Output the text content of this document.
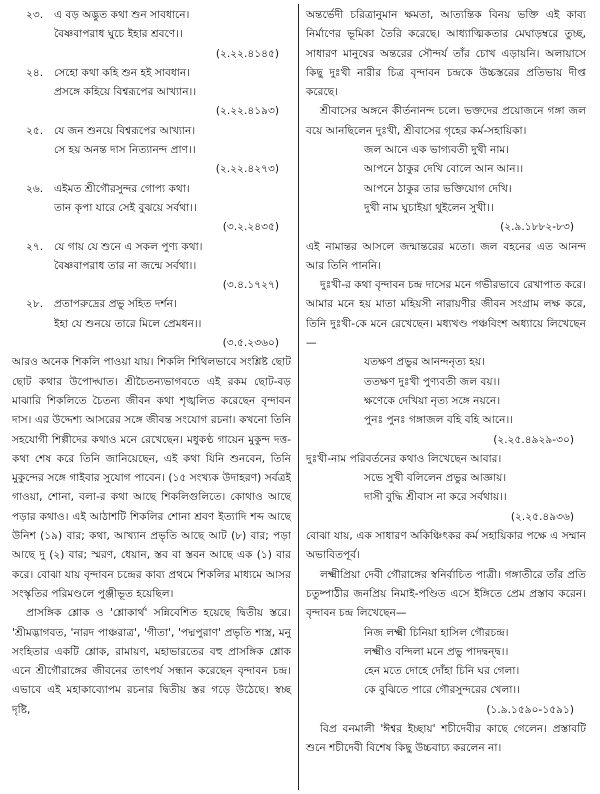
২৩.	এ বড় অদ্ভুত কথা শুন সাবধানে।
বৈষ্ণবাপরাধ ঘুচে ইহার শ্রবণে।।
(২.২২.৪১৪৫)
২৪.	সেহো কথা কহি শুন হই সাবধান।
প্রসঙ্গে কহিয়ে বিশ্বরূপের আখ্যান।।
(২.২২.৪১৯৩)
২৫.	যে জন শুনয়ে বিশ্বরূপের আখ্যান।
সে হয় অনন্ত দাস নিত্যানন্দ প্রাণ।।
(২.২২.৪২৭৩)
২৬.	এইমত শ্রীগৌরসুন্দর গোপ্য কথা।
তান কৃপা যারে সেই বুঝয়ে সর্বথা।।
(৩.২.২৪৩৫)
২৭.	যে গায় যে শুনে এ সকল পুণ্য কথা।
বৈষ্ণবাপরাধ তার না জন্মে সর্বথা।।
(৩.৪.১৭২৭)
২৮.	প্রতাপরুদ্রের প্রভু সহিত দর্শন।
ইহা যে শুনয়ে তারে মিলে প্রেমধন।।
(৩.৫.২৩৬০)
আরও অনেক শিকলি পাওয়া যায়। শিকলি শিথিলভাবে সংশ্লিষ্ট ছোট ছোট কথার উপোদ্ঘাত। শ্রীচৈতন্যভাগবতে এই রকম ছোট-বড় মাঝারি শিকলিতে চৈতন্য জীবন কথা শৃঙ্খলিত করেছেন বৃন্দাবন দাস। এর উদ্দেশ্য আসরের সঙ্গে জীবন্ত সংযোগ রচনা। কখনো তিনি সহযোগী শিল্পীদের কথাও মনে রেখেছেন। মধুকণ্ঠ গায়েন মুকুন্দ দত্ত-কথা শেষ করে তিনি জানিয়েছেন, এই কথা যিনি শুনবেন, তিনি মুকুন্দের সঙ্গে গাইবার সুযোগ পাবেন। (১৫ সংখ্যক উদাহরণ) সর্বত্রই গাওয়া, শোনা, বলা-র কথা আছে শিকলিগুলিতে। কোথাও আছে পড়ার কথাও। এই আঠাশটি শিকলির শোনা শ্রবণ ইত্যাদি শব্দ আছে উনিশ (১৯) বার; কথা, আখ্যান প্রভৃতি আছে আট (৮) বার; পড়া আছে দু (২) বার; স্মরণ, ধেয়ান, স্তব বা স্তবন আছে এক (১) বার করে। বোঝা যায় বৃন্দাবন চন্দ্রের কাব্য প্রথমে শিকলির মাধ্যমে আসর সংস্কৃতির পরিমণ্ডলে পুঞ্জীভূত হয়েছিল।
প্রাসঙ্গিক শ্লোক ও 'শ্লোকার্থ' সন্নিবেশিত হয়েছে দ্বিতীয় স্তরে। 'শ্রীমদ্ভাগবত, 'নারদ পাঞ্চরাত্র', 'গীতা', 'পদ্মপুরাণ' প্রভৃতি শাস্ত্র, মনু সংহিতার একটি শ্লোক, রামায়ণ, মহাভারতের বহু প্রাসঙ্গিক শ্লোক এনে শ্রীগৌরাঙ্গের জীবনের তাৎপর্য সন্ধান করেছেন বৃন্দাবন চন্দ্র। এভাবে এই মহাকাব্যোপম রচনার দ্বিতীয় স্তর গড়ে উঠেছে। স্বচ্ছ দৃষ্টি,
অন্তর্ভেদী চরিত্রানুমান ক্ষমতা, আত্যন্তিক বিনয় ভক্তি এই কাব্য নির্মাণের ভূমিকা তৈরি করেছে। আধ্যাত্মিকতার মেঘাড়ম্বরে তুচ্ছ, সাধারণ মানুষের অন্তরের সৌন্দর্য তাঁর চোখ এড়ায়নি। অলায়াসে কিছু দুঃখী নারীর চিত্র বৃন্দাবন চন্দ্রকে উচ্চস্তরের প্রতিভায় দীপ্ত করেছে।
শ্রীবাসের অঙ্গনে কীর্তনানন্দ চলে। ভক্তদের প্রয়োজনে গঙ্গা জল বয়ে আনছিলেন দুঃখী, শ্রীবাসের গৃহের কর্ম-সহায়িকা।
জল আনে এক ভাগ্যবতী দুখী নাম।
আপনে ঠাকুর দেখি বোলে আন আন।।
আপনে ঠাকুর তার ভক্তিযোগ দেখি।
দুখী নাম ঘুচাইয়া থুইলেন সুখী।।
(২.৯.১৮৮২-৮৩)
এই নামান্তর আসলে জন্মান্তরের মতো। জল বহনের এত আনন্দ আর তিনি পাননি।
দুঃখী-র কথা বৃন্দাবন চন্দ্র দাসের মনে গভীরভাবে রেখাপাত করে। আমার মনে হয় মাতা মহিয়সী নারায়ণীর জীবন সংগ্রাম লক্ষ করে, তিনি দুঃখী-কে মনে রেখেছেন। মধ্যখণ্ড পঞ্চবিংশ অধ্যায়ে লিখেছেন—
যতক্ষণ প্রভুর আনন্দনৃত্য হয়।
ততক্ষণ দুঃখী পুণ্যবতী জল বয়।।
ক্ষণেকে দেখিয়া নৃত্য সঙ্গে নয়নে।
পুনঃ পুনঃ গঙ্গাজল বহি বহি আনে।।
(২.২৫.৪৯২৯-৩০)
দুঃখী-নাম পরিবর্তনের কথাও লিখেছেন আবার।
সভে সুখী বলিলেন প্রভুর আজ্ঞায়।
দাসী বুদ্ধি শ্রীবাস না করে সর্বথায়।।
(২.২৫.৪৯৩৬)
বোঝা যায়, এক সাধারণ অকিঞ্চিৎকর কর্ম সহায়িকার পক্ষে এ সম্মান অভাবিতপূর্ব।
লক্ষ্মীপ্রিয়া দেবী গৌরাঙ্গের স্বনির্বাচিত পাত্রী। গঙ্গাতীরে তাঁর প্রতি চতুষ্পাঠীর জনপ্রিয় নিমাই-পণ্ডিত এসে ইঙ্গিতে প্রেম প্রস্তাব করেন। বৃন্দাবন চন্দ্র লিখেছেন—
নিজ লক্ষ্মী চিনিয়া হাসিল গৌরচন্দ্র।
লক্ষ্মীও বন্দিলা মনে প্রভু পাদদ্বন্দ্ব।।
হেন মতে দোহে দোঁহা চিনি ঘর গেলা।
কে বুঝিতে পারে গৌরসুন্দরের খেলা।।
(১.৯.১৫৯০-১৫৯১)
বিপ্র বনমালী 'ঈশ্বর ইচ্ছায়' শচীদেবীর কাছে গেলেন। প্রস্তাবটি শুনে শচীদেবী বিশেষ কিছু উচ্চবাচ্য করলেন না।
